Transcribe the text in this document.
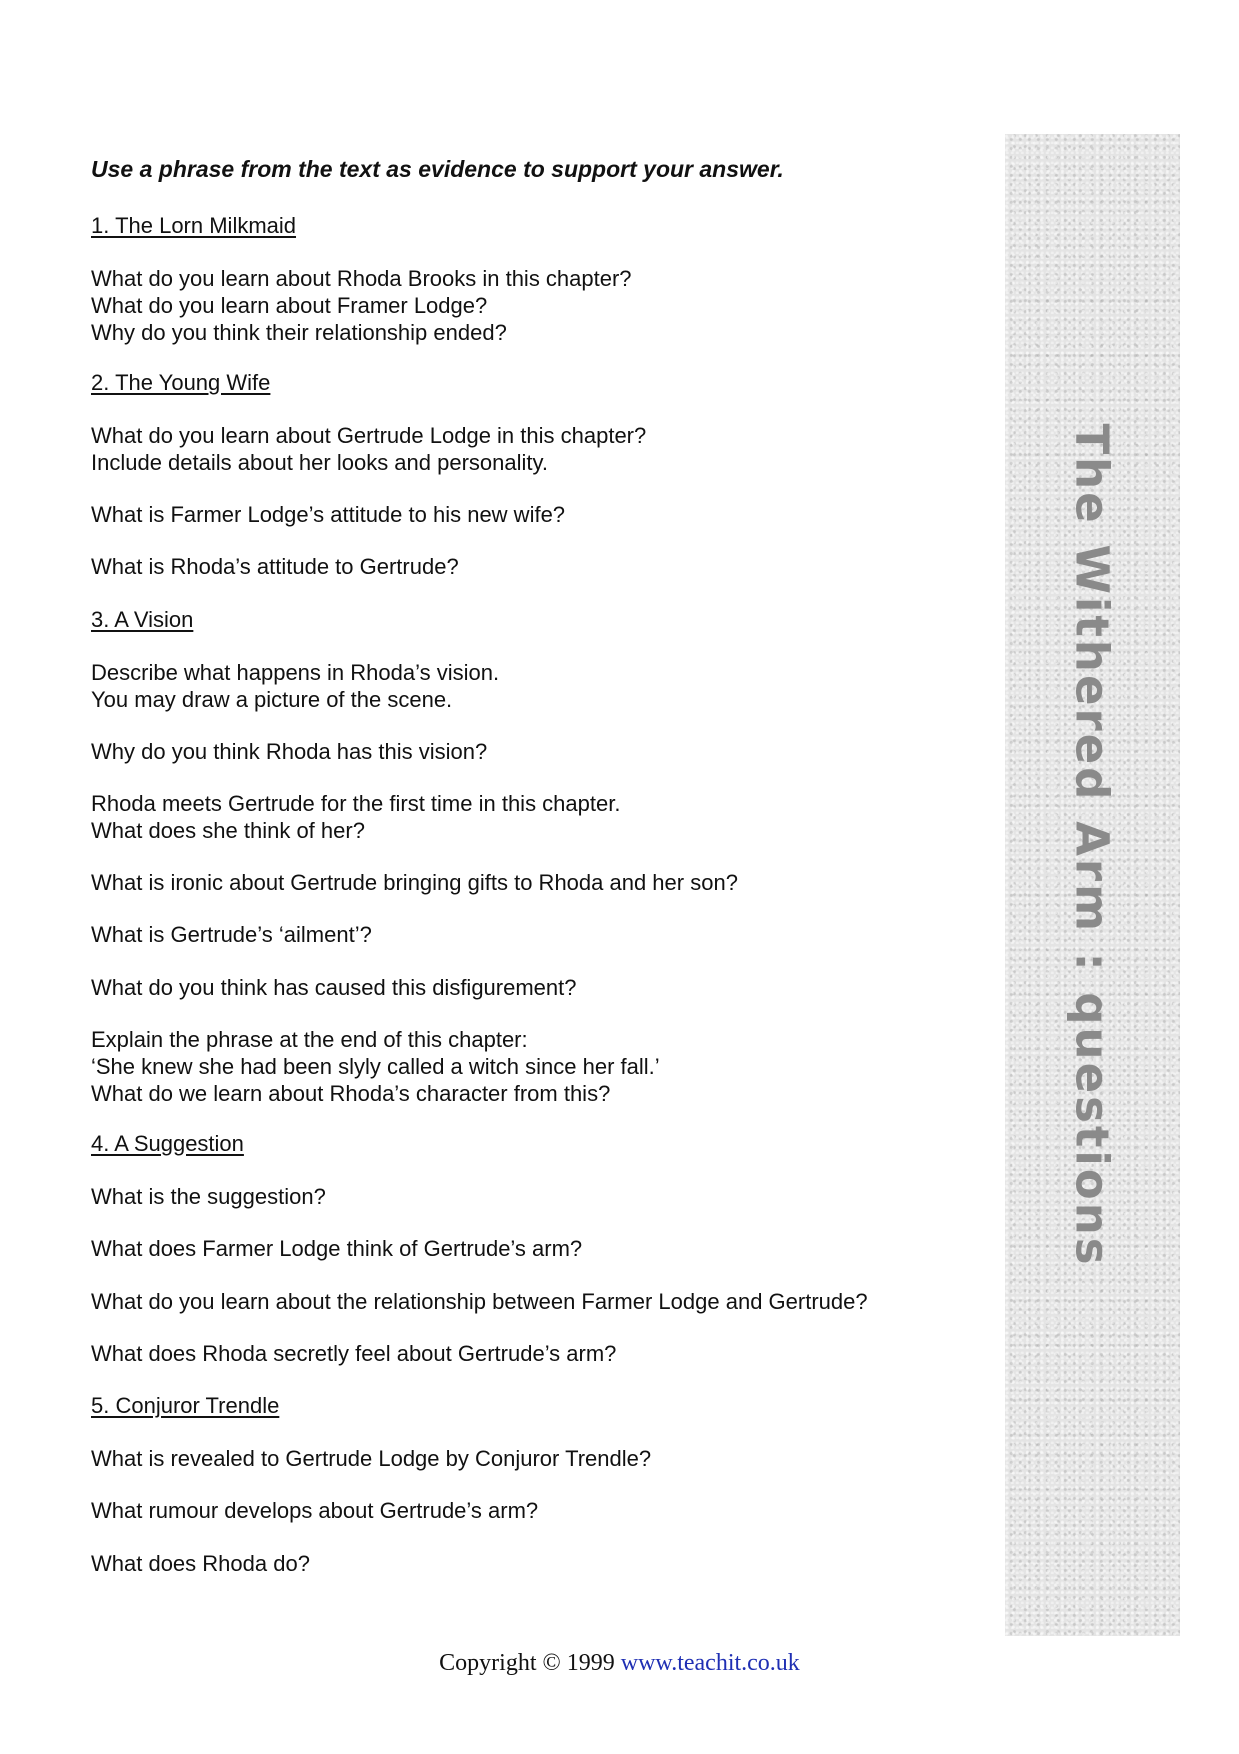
Use a phrase from the text as evidence to support your answer.
1. The Lorn Milkmaid
What do you learn about Rhoda Brooks in this chapter?
What do you learn about Framer Lodge?
Why do you think their relationship ended?
2. The Young Wife
What do you learn about Gertrude Lodge in this chapter?
Include details about her looks and personality.
What is Farmer Lodge’s attitude to his new wife?
What is Rhoda’s attitude to Gertrude?
3. A Vision
Describe what happens in Rhoda’s vision.
You may draw a picture of the scene.
Why do you think Rhoda has this vision?
Rhoda meets Gertrude for the first time in this chapter.
What does she think of her?
What is ironic about Gertrude bringing gifts to Rhoda and her son?
What is Gertrude’s ‘ailment’?
What do you think has caused this disfigurement?
Explain the phrase at the end of this chapter:
‘She knew she had been slyly called a witch since her fall.’
What do we learn about Rhoda’s character from this?
4. A Suggestion
What is the suggestion?
What does Farmer Lodge think of Gertrude’s arm?
What do you learn about the relationship between Farmer Lodge and Gertrude?
What does Rhoda secretly feel about Gertrude’s arm?
5. Conjuror Trendle
What is revealed to Gertrude Lodge by Conjuror Trendle?
What rumour develops about Gertrude’s arm?
What does Rhoda do?
The Withered Arm : questions
Copyright © 1999 www.teachit.co.uk
